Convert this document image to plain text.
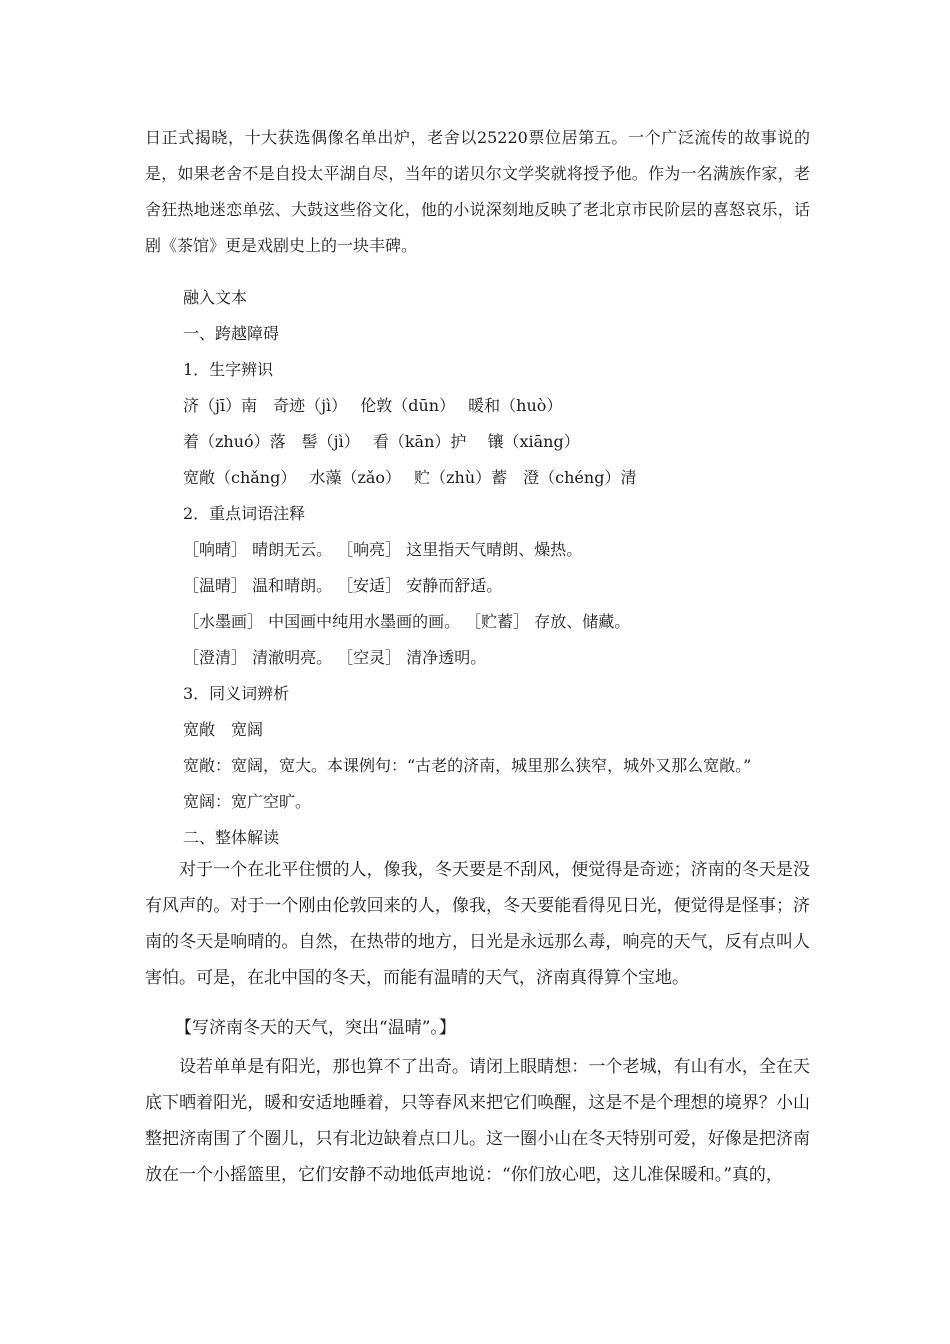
日正式揭晓，十大获选偶像名单出炉，老舍以25220票位居第五。一个广泛流传的故事说的是，如果老舍不是自投太平湖自尽，当年的诺贝尔文学奖就将授予他。作为一名满族作家，老舍狂热地迷恋单弦、大鼓这些俗文化，他的小说深刻地反映了老北京市民阶层的喜怒哀乐，话剧《茶馆》更是戏剧史上的一块丰碑。

融入文本

一、跨越障碍

1．生字辨识

济（jī）南　奇迹（jì）　 伦敦（dūn）　 暖和（huò）

着（zhuó）落　髻（jì）　 看（kān）护　 镶（xiāng）

宽敞（chǎng）　 水藻（zǎo）　 贮（zhù）蓄　澄（chéng）清

2．重点词语注释

［响晴］ 晴朗无云。 ［响亮］ 这里指天气晴朗、燥热。

［温晴］ 温和晴朗。 ［安适］ 安静而舒适。

［水墨画］ 中国画中纯用水墨画的画。 ［贮蓄］ 存放、储藏。

［澄清］ 清澈明亮。 ［空灵］ 清净透明。

3．同义词辨析

宽敞　宽阔

宽敞：宽阔，宽大。本课例句：“古老的济南，城里那么狭窄，城外又那么宽敞。”

宽阔：宽广空旷。

二、整体解读

对于一个在北平住惯的人，像我，冬天要是不刮风，便觉得是奇迹；济南的冬天是没有风声的。对于一个刚由伦敦回来的人，像我，冬天要能看得见日光，便觉得是怪事；济南的冬天是响晴的。自然，在热带的地方，日光是永远那么毒，响亮的天气，反有点叫人害怕。可是，在北中国的冬天，而能有温晴的天气，济南真得算个宝地。

【写济南冬天的天气，突出“温晴”。】

设若单单是有阳光，那也算不了出奇。请闭上眼睛想：一个老城，有山有水，全在天底下晒着阳光，暖和安适地睡着，只等春风来把它们唤醒，这是不是个理想的境界？小山整把济南围了个圈儿，只有北边缺着点口儿。这一圈小山在冬天特别可爱，好像是把济南放在一个小摇篮里，它们安静不动地低声地说：“你们放心吧，这儿准保暖和。”真的，
